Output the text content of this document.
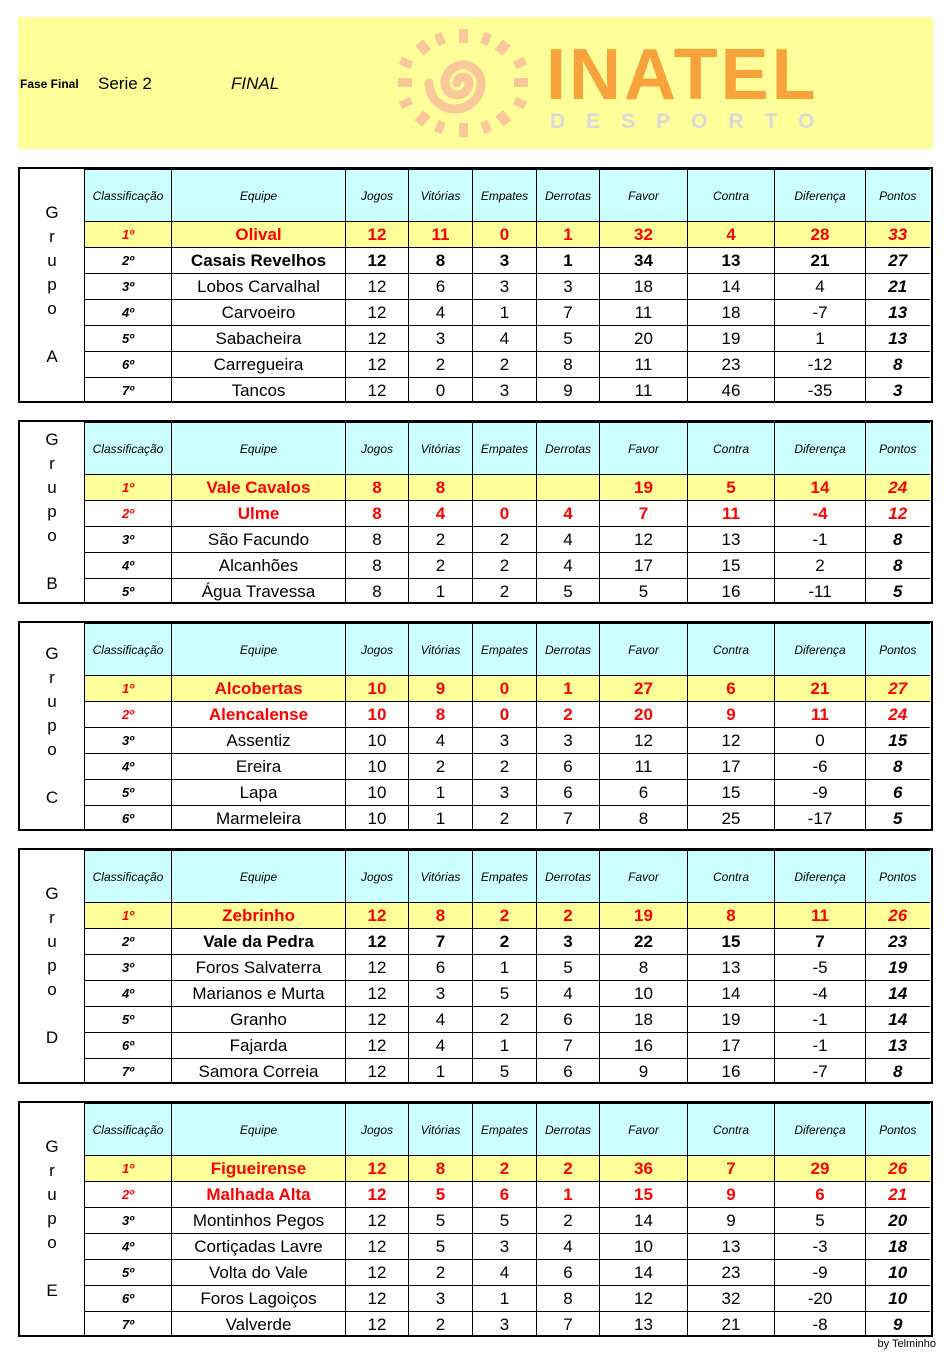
Fase Final Serie 2	FINAL	INATEL
DESPORTO
G
r
u
p
o
A
Classificação	Equipe	Jogos	Vitórias	Empates	Derrotas	Favor	Contra	Diferença	Pontos
1º	Olival	12	11	0	1	32	4	28	33
2º	Casais Revelhos	12	8	3	1	34	13	21	27
3º	Lobos Carvalhal	12	6	3	3	18	14	4	21
4º	Carvoeiro	12	4	1	7	11	18	-7	13
5º	Sabacheira	12	3	4	5	20	19	1	13
6º	Carregueira	12	2	2	8	11	23	-12	8
7º	Tancos	12	0	3	9	11	46	-35	3
G
r
u
p
o
B
Classificação	Equipe	Jogos	Vitórias	Empates	Derrotas	Favor	Contra	Diferença	Pontos
1º	Vale Cavalos	8	8			19	5	14	24
2º	Ulme	8	4	0	4	7	11	-4	12
3º	São Facundo	8	2	2	4	12	13	-1	8
4º	Alcanhões	8	2	2	4	17	15	2	8
5º	Água Travessa	8	1	2	5	5	16	-11	5
G
r
u
p
o
C
Classificação	Equipe	Jogos	Vitórias	Empates	Derrotas	Favor	Contra	Diferença	Pontos
1º	Alcobertas	10	9	0	1	27	6	21	27
2º	Alencalense	10	8	0	2	20	9	11	24
3º	Assentiz	10	4	3	3	12	12	0	15
4º	Ereira	10	2	2	6	11	17	-6	8
5º	Lapa	10	1	3	6	6	15	-9	6
6º	Marmeleira	10	1	2	7	8	25	-17	5
G
r
u
p
o
D
Classificação	Equipe	Jogos	Vitórias	Empates	Derrotas	Favor	Contra	Diferença	Pontos
1º	Zebrinho	12	8	2	2	19	8	11	26
2º	Vale da Pedra	12	7	2	3	22	15	7	23
3º	Foros Salvaterra	12	6	1	5	8	13	-5	19
4º	Marianos e Murta	12	3	5	4	10	14	-4	14
5º	Granho	12	4	2	6	18	19	-1	14
6º	Fajarda	12	4	1	7	16	17	-1	13
7º	Samora Correia	12	1	5	6	9	16	-7	8
G
r
u
p
o
E
Classificação	Equipe	Jogos	Vitórias	Empates	Derrotas	Favor	Contra	Diferença	Pontos
1º	Figueirense	12	8	2	2	36	7	29	26
2º	Malhada Alta	12	5	6	1	15	9	6	21
3º	Montinhos Pegos	12	5	5	2	14	9	5	20
4º	Cortiçadas Lavre	12	5	3	4	10	13	-3	18
5º	Volta do Vale	12	2	4	6	14	23	-9	10
6º	Foros Lagoiços	12	3	1	8	12	32	-20	10
7º	Valverde	12	2	3	7	13	21	-8	9
by Telminho
